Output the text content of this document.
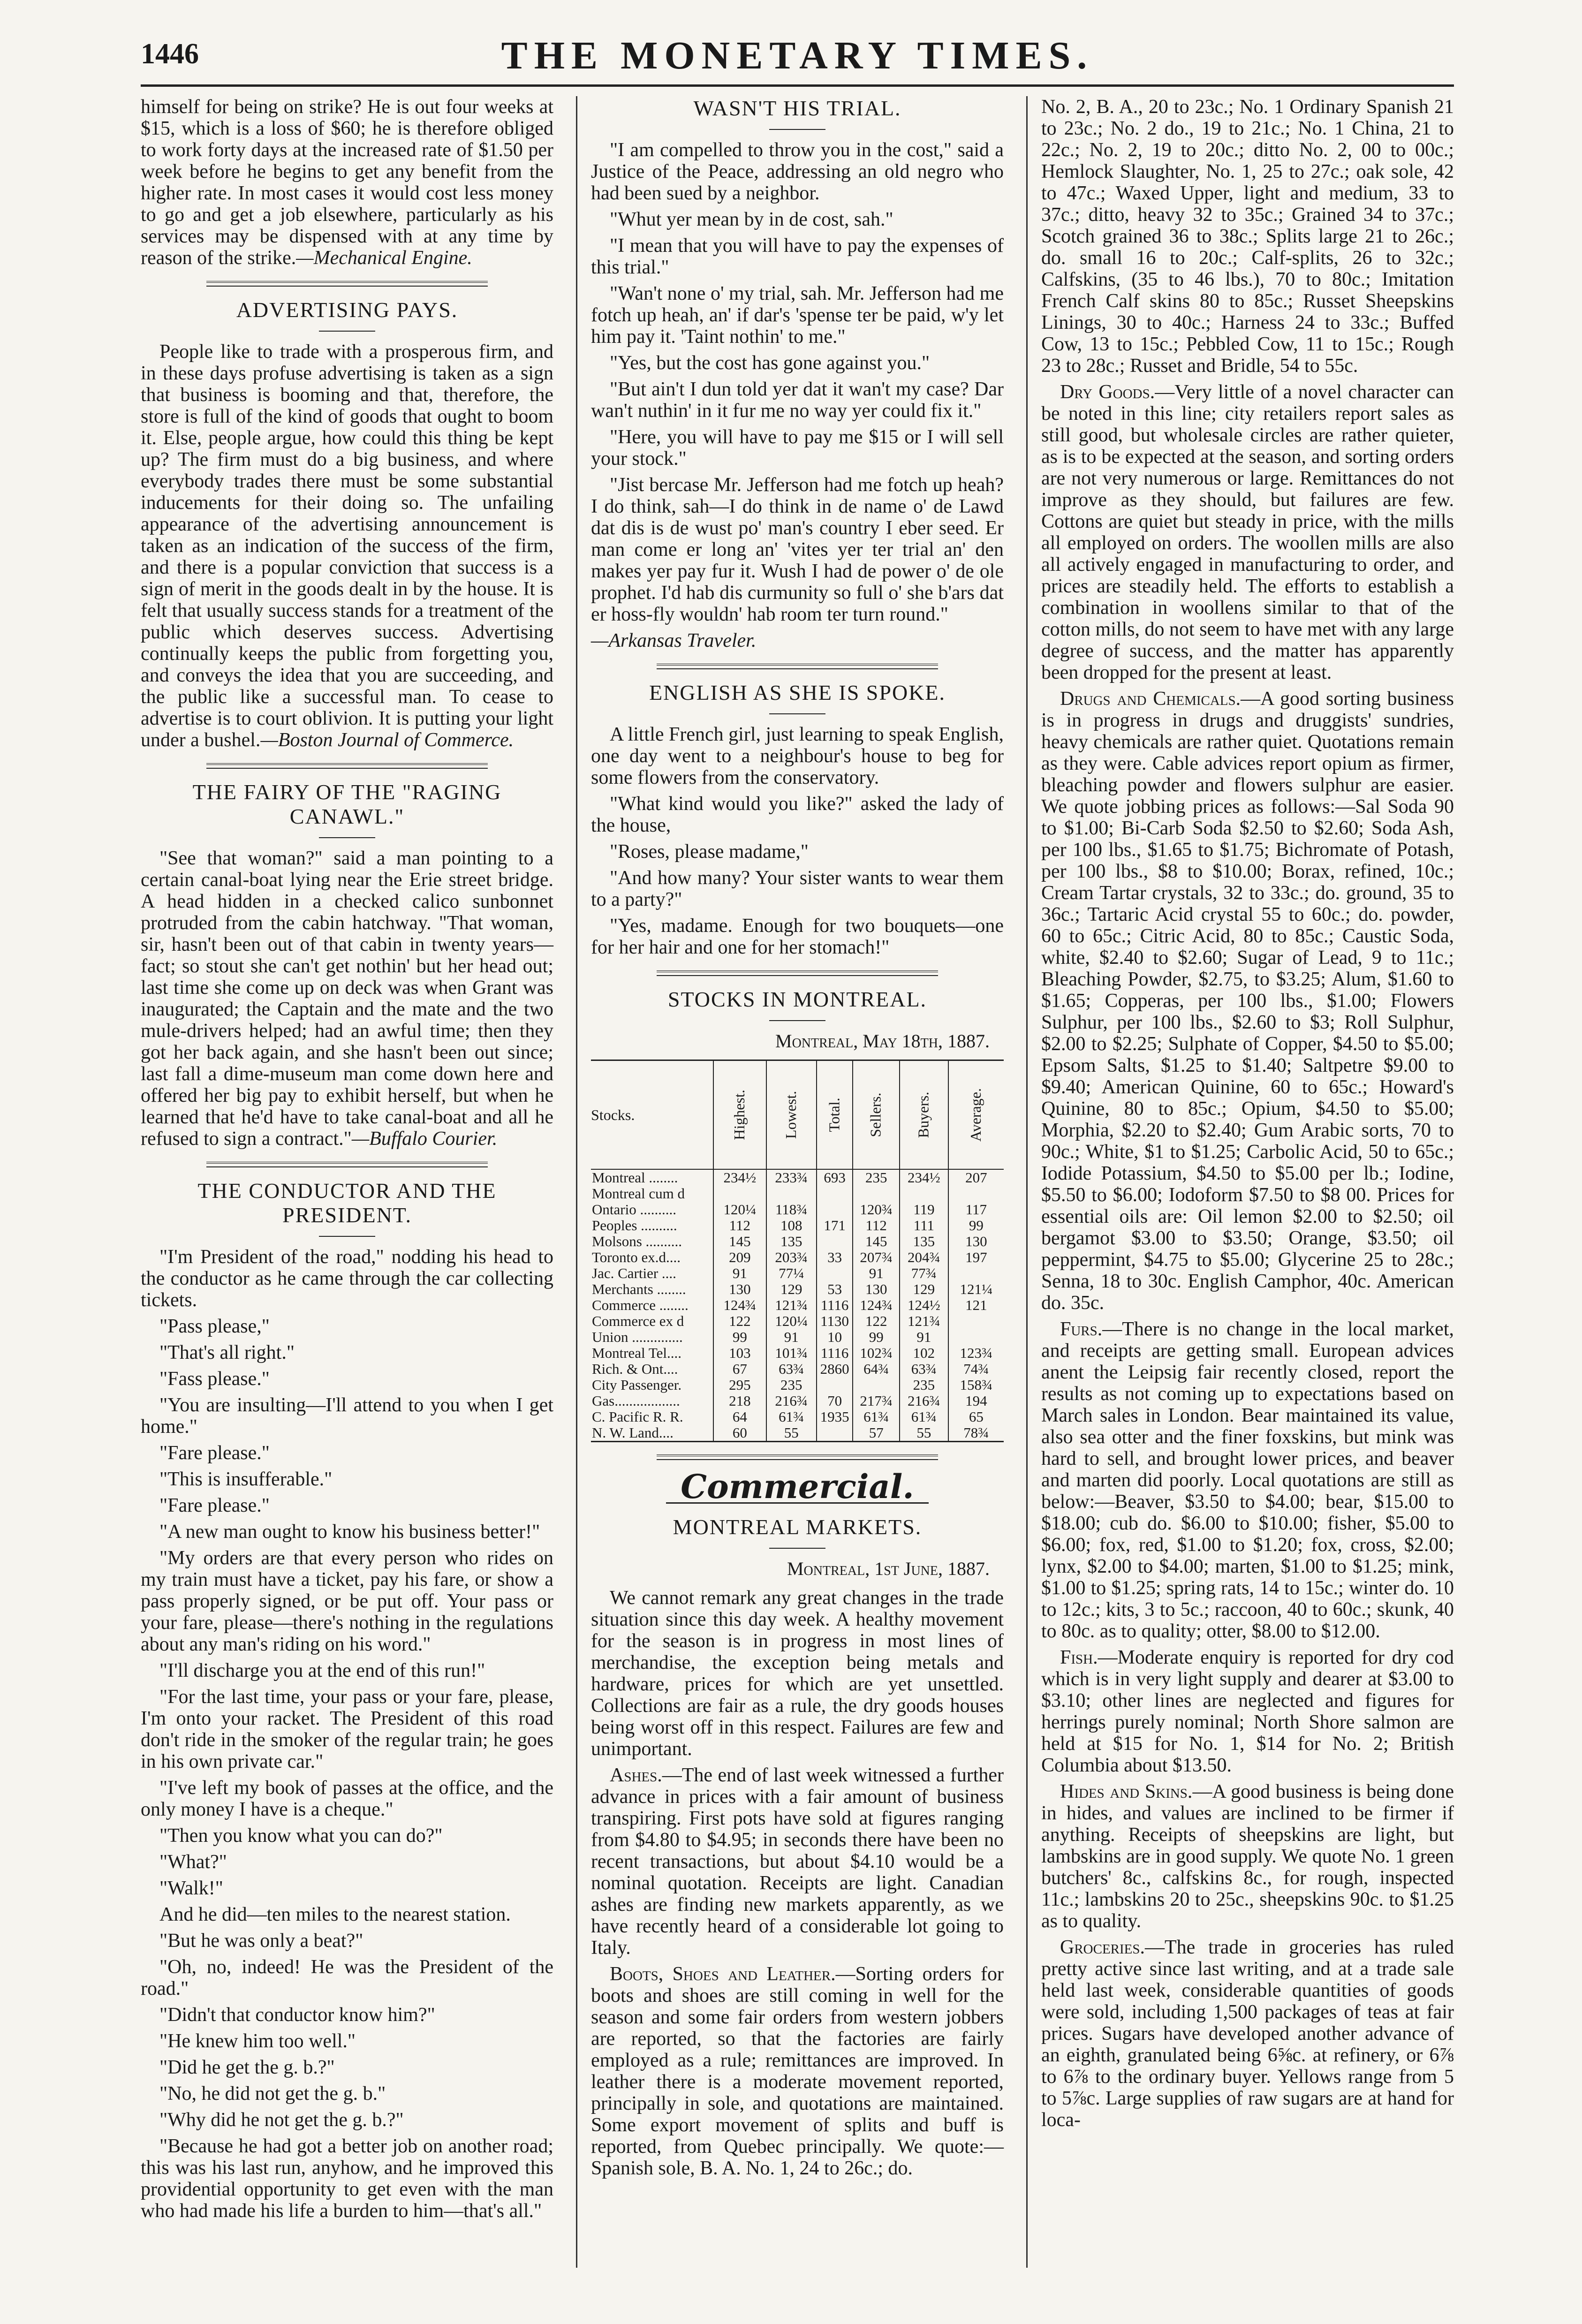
1446	THE MONETARY TIMES.

himself for being on strike? He is out four weeks at $15, which is a loss of $60; he is therefore obliged to work forty days at the increased rate of $1.50 per week before he begins to get any benefit from the higher rate. In most cases it would cost less money to go and get a job elsewhere, particularly as his services may be dispensed with at any time by reason of the strike.—Mechanical Engine.

ADVERTISING PAYS.

People like to trade with a prosperous firm, and in these days profuse advertising is taken as a sign that business is booming and that, therefore, the store is full of the kind of goods that ought to boom it. Else, people argue, how could this thing be kept up? The firm must do a big business, and where everybody trades there must be some substantial inducements for their doing so. The unfailing appearance of the advertising announcement is taken as an indication of the success of the firm, and there is a popular conviction that success is a sign of merit in the goods dealt in by the house. It is felt that usually success stands for a treatment of the public which deserves success. Advertising continually keeps the public from forgetting you, and conveys the idea that you are succeeding, and the public like a successful man. To cease to advertise is to court oblivion. It is putting your light under a bushel.—Boston Journal of Commerce.

THE FAIRY OF THE "RAGING CANAWL."

"See that woman?" said a man pointing to a certain canal-boat lying near the Erie street bridge. A head hidden in a checked calico sunbonnet protruded from the cabin hatchway. "That woman, sir, hasn't been out of that cabin in twenty years—fact; so stout she can't get nothin' but her head out; last time she come up on deck was when Grant was inaugurated; the Captain and the mate and the two mule-drivers helped; had an awful time; then they got her back again, and she hasn't been out since; last fall a dime-museum man come down here and offered her big pay to exhibit herself, but when he learned that he'd have to take canal-boat and all he refused to sign a contract."—Buffalo Courier.

THE CONDUCTOR AND THE PRESIDENT.

"I'm President of the road," nodding his head to the conductor as he came through the car collecting tickets.

"Pass please,"

"That's all right."

"Fass please."

"You are insulting—I'll attend to you when I get home."

"Fare please."

"This is insufferable."

"Fare please."

"A new man ought to know his business better!"

"My orders are that every person who rides on my train must have a ticket, pay his fare, or show a pass properly signed, or be put off. Your pass or your fare, please—there's nothing in the regulations about any man's riding on his word."

"I'll discharge you at the end of this run!"

"For the last time, your pass or your fare, please, I'm onto your racket. The President of this road don't ride in the smoker of the regular train; he goes in his own private car."

"I've left my book of passes at the office, and the only money I have is a cheque."

"Then you know what you can do?"

"What?"

"Walk!"

And he did—ten miles to the nearest station.

"But he was only a beat?"

"Oh, no, indeed! He was the President of the road."

"Didn't that conductor know him?"

"He knew him too well."

"Did he get the g. b.?"

"No, he did not get the g. b."

"Why did he not get the g. b.?"

"Because he had got a better job on another road; this was his last run, anyhow, and he improved this providential opportunity to get even with the man who had made his life a burden to him—that's all."

WASN'T HIS TRIAL.

"I am compelled to throw you in the cost," said a Justice of the Peace, addressing an old negro who had been sued by a neighbor.

"Whut yer mean by in de cost, sah."

"I mean that you will have to pay the expenses of this trial."

"Wan't none o' my trial, sah. Mr. Jefferson had me fotch up heah, an' if dar's 'spense ter be paid, w'y let him pay it. 'Taint nothin' to me."

"Yes, but the cost has gone against you."

"But ain't I dun told yer dat it wan't my case? Dar wan't nuthin' in it fur me no way yer could fix it."

"Here, you will have to pay me $15 or I will sell your stock."

"Jist bercase Mr. Jefferson had me fotch up heah? I do think, sah—I do think in de name o' de Lawd dat dis is de wust po' man's country I eber seed. Er man come er long an' 'vites yer ter trial an' den makes yer pay fur it. Wush I had de power o' de ole prophet. I'd hab dis curmunity so full o' she b'ars dat er hoss-fly wouldn' hab room ter turn round."

—Arkansas Traveler.

ENGLISH AS SHE IS SPOKE.

A little French girl, just learning to speak English, one day went to a neighbour's house to beg for some flowers from the conservatory.

"What kind would you like?" asked the lady of the house,

"Roses, please madame,"

"And how many? Your sister wants to wear them to a party?"

"Yes, madame. Enough for two bouquets—one for her hair and one for her stomach!"

STOCKS IN MONTREAL.
Montreal, May 18th, 1887.
Stocks.	Highest.	Lowest.	Total.	Sellers.	Buyers.	Average.
Montreal ........	234½	233¾	693	235	234½	207
Montreal cum d						
Ontario ..........	120¼	118¾		120¾	119	117
Peoples ..........	112	108	171	112	111	99
Molsons ..........	145	135		145	135	130
Toronto ex.d....	209	203¾	33	207¾	204¾	197
Jac. Cartier ....	91	77¼		91	77¾	
Merchants ........	130	129	53	130	129	121¼
Commerce ........	124¾	121¾	1116	124¾	124½	121
Commerce ex d	122	120¼	1130	122	121¾	
Union ..............	99	91	10	99	91	
Montreal Tel....	103	101¾	1116	102¾	102	123¾
Rich. & Ont....	67	63¾	2860	64¾	63¾	74¾
City Passenger.	295	235			235	158¾
Gas..................	218	216¾	70	217¾	216¾	194
C. Pacific R. R.	64	61¾	1935	61¾	61¾	65
N. W. Land....	60	55		57	55	78¾
Commercial.
MONTREAL MARKETS.
Montreal, 1st June, 1887.

We cannot remark any great changes in the trade situation since this day week. A healthy movement for the season is in progress in most lines of merchandise, the exception being metals and hardware, prices for which are yet unsettled. Collections are fair as a rule, the dry goods houses being worst off in this respect. Failures are few and unimportant.

Ashes.—The end of last week witnessed a further advance in prices with a fair amount of business transpiring. First pots have sold at figures ranging from $4.80 to $4.95; in seconds there have been no recent transactions, but about $4.10 would be a nominal quotation. Receipts are light. Canadian ashes are finding new markets apparently, as we have recently heard of a considerable lot going to Italy.

Boots, Shoes and Leather.—Sorting orders for boots and shoes are still coming in well for the season and some fair orders from western jobbers are reported, so that the factories are fairly employed as a rule; remittances are improved. In leather there is a moderate movement reported, principally in sole, and quotations are maintained. Some export movement of splits and buff is reported, from Quebec principally. We quote:—Spanish sole, B. A. No. 1, 24 to 26c.; do.

No. 2, B. A., 20 to 23c.; No. 1 Ordinary Spanish 21 to 23c.; No. 2 do., 19 to 21c.; No. 1 China, 21 to 22c.; No. 2, 19 to 20c.; ditto No. 2, 00 to 00c.; Hemlock Slaughter, No. 1, 25 to 27c.; oak sole, 42 to 47c.; Waxed Upper, light and medium, 33 to 37c.; ditto, heavy 32 to 35c.; Grained 34 to 37c.; Scotch grained 36 to 38c.; Splits large 21 to 26c.; do. small 16 to 20c.; Calf-splits, 26 to 32c.; Calfskins, (35 to 46 lbs.), 70 to 80c.; Imitation French Calf skins 80 to 85c.; Russet Sheepskins Linings, 30 to 40c.; Harness 24 to 33c.; Buffed Cow, 13 to 15c.; Pebbled Cow, 11 to 15c.; Rough 23 to 28c.; Russet and Bridle, 54 to 55c.

Dry Goods.—Very little of a novel character can be noted in this line; city retailers report sales as still good, but wholesale circles are rather quieter, as is to be expected at the season, and sorting orders are not very numerous or large. Remittances do not improve as they should, but failures are few. Cottons are quiet but steady in price, with the mills all employed on orders. The woollen mills are also all actively engaged in manufacturing to order, and prices are steadily held. The efforts to establish a combination in woollens similar to that of the cotton mills, do not seem to have met with any large degree of success, and the matter has apparently been dropped for the present at least.

Drugs and Chemicals.—A good sorting business is in progress in drugs and druggists' sundries, heavy chemicals are rather quiet. Quotations remain as they were. Cable advices report opium as firmer, bleaching powder and flowers sulphur are easier. We quote jobbing prices as follows:—Sal Soda 90 to $1.00; Bi-Carb Soda $2.50 to $2.60; Soda Ash, per 100 lbs., $1.65 to $1.75; Bichromate of Potash, per 100 lbs., $8 to $10.00; Borax, refined, 10c.; Cream Tartar crystals, 32 to 33c.; do. ground, 35 to 36c.; Tartaric Acid crystal 55 to 60c.; do. powder, 60 to 65c.; Citric Acid, 80 to 85c.; Caustic Soda, white, $2.40 to $2.60; Sugar of Lead, 9 to 11c.; Bleaching Powder, $2.75, to $3.25; Alum, $1.60 to $1.65; Copperas, per 100 lbs., $1.00; Flowers Sulphur, per 100 lbs., $2.60 to $3; Roll Sulphur, $2.00 to $2.25; Sulphate of Copper, $4.50 to $5.00; Epsom Salts, $1.25 to $1.40; Saltpetre $9.00 to $9.40; American Quinine, 60 to 65c.; Howard's Quinine, 80 to 85c.; Opium, $4.50 to $5.00; Morphia, $2.20 to $2.40; Gum Arabic sorts, 70 to 90c.; White, $1 to $1.25; Carbolic Acid, 50 to 65c.; Iodide Potassium, $4.50 to $5.00 per lb.; Iodine, $5.50 to $6.00; Iodoform $7.50 to $8 00. Prices for essential oils are: Oil lemon $2.00 to $2.50; oil bergamot $3.00 to $3.50; Orange, $3.50; oil peppermint, $4.75 to $5.00; Glycerine 25 to 28c.; Senna, 18 to 30c. English Camphor, 40c. American do. 35c.

Furs.—There is no change in the local market, and receipts are getting small. European advices anent the Leipsig fair recently closed, report the results as not coming up to expectations based on March sales in London. Bear maintained its value, also sea otter and the finer foxskins, but mink was hard to sell, and brought lower prices, and beaver and marten did poorly. Local quotations are still as below:—Beaver, $3.50 to $4.00; bear, $15.00 to $18.00; cub do. $6.00 to $10.00; fisher, $5.00 to $6.00; fox, red, $1.00 to $1.20; fox, cross, $2.00; lynx, $2.00 to $4.00; marten, $1.00 to $1.25; mink, $1.00 to $1.25; spring rats, 14 to 15c.; winter do. 10 to 12c.; kits, 3 to 5c.; raccoon, 40 to 60c.; skunk, 40 to 80c. as to quality; otter, $8.00 to $12.00.

Fish.—Moderate enquiry is reported for dry cod which is in very light supply and dearer at $3.00 to $3.10; other lines are neglected and figures for herrings purely nominal; North Shore salmon are held at $15 for No. 1, $14 for No. 2; British Columbia about $13.50.

Hides and Skins.—A good business is being done in hides, and values are inclined to be firmer if anything. Receipts of sheepskins are light, but lambskins are in good supply. We quote No. 1 green butchers' 8c., calfskins 8c., for rough, inspected 11c.; lambskins 20 to 25c., sheepskins 90c. to $1.25 as to quality.

Groceries.—The trade in groceries has ruled pretty active since last writing, and at a trade sale held last week, considerable quantities of goods were sold, including 1,500 packages of teas at fair prices. Sugars have developed another advance of an eighth, granulated being 6⅝c. at refinery, or 6⅞ to 6⅞ to the ordinary buyer. Yellows range from 5 to 5⅞c. Large supplies of raw sugars are at hand for loca-
